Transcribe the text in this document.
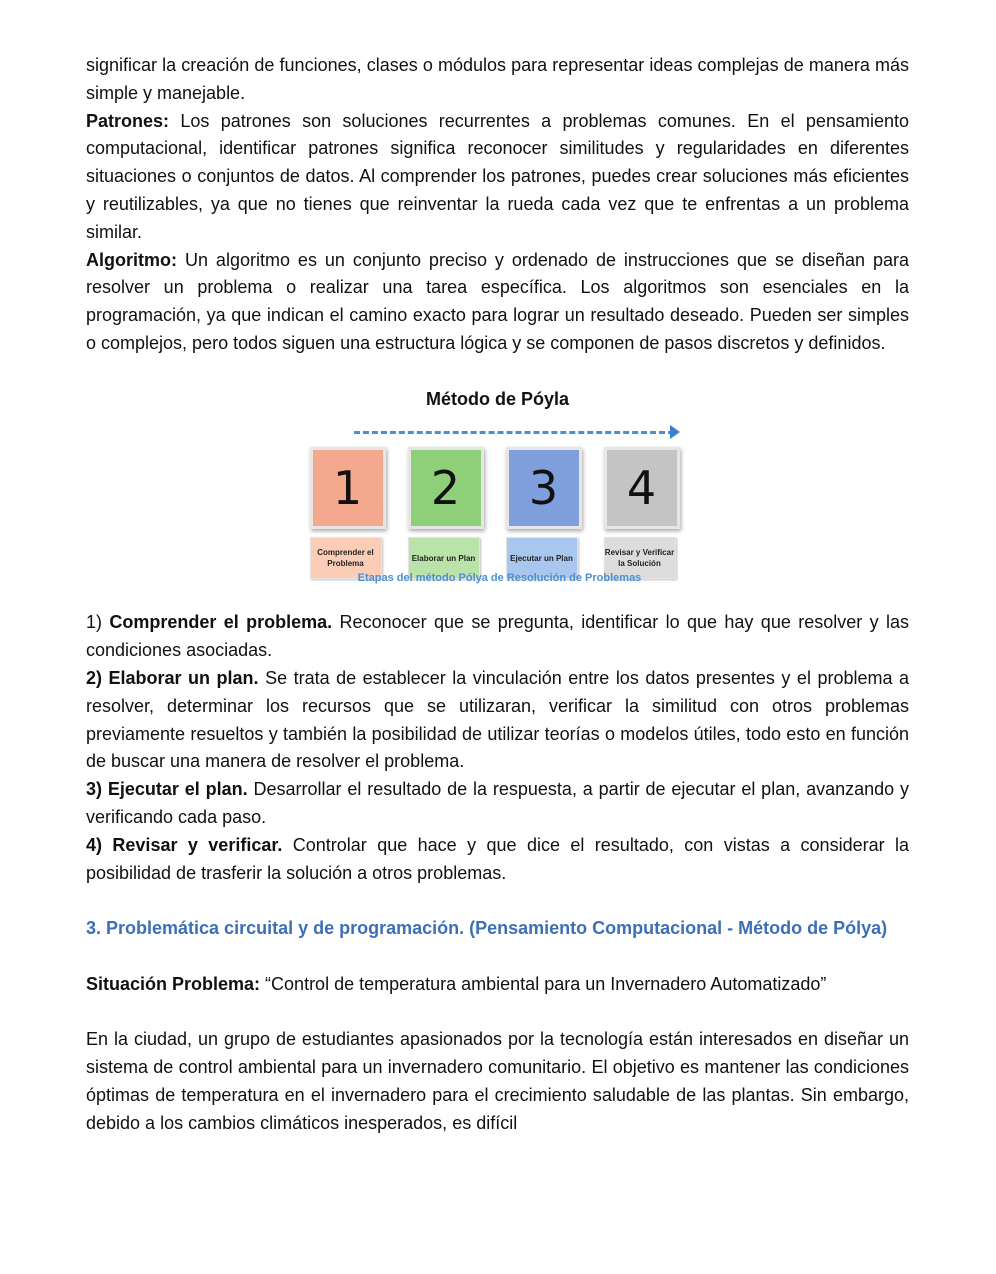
significar la creación de funciones, clases o módulos para representar ideas complejas de manera más simple y manejable.

Patrones: Los patrones son soluciones recurrentes a problemas comunes. En el pensamiento computacional, identificar patrones significa reconocer similitudes y regularidades en diferentes situaciones o conjuntos de datos. Al comprender los patrones, puedes crear soluciones más eficientes y reutilizables, ya que no tienes que reinventar la rueda cada vez que te enfrentas a un problema similar.

Algoritmo: Un algoritmo es un conjunto preciso y ordenado de instrucciones que se diseñan para resolver un problema o realizar una tarea específica. Los algoritmos son esenciales en la programación, ya que indican el camino exacto para lograr un resultado deseado. Pueden ser simples o complejos, pero todos siguen una estructura lógica y se componen de pasos discretos y definidos.

Método de Póyla

1
Comprender el Problema
2
Elaborar un Plan
3
Ejecutar un Plan
4
Revisar y Verificar la Solución
Etapas del método Pólya de Resolución de Problemas

1) Comprender el problema. Reconocer que se pregunta, identificar lo que hay que resolver y las condiciones asociadas.

2) Elaborar un plan. Se trata de establecer la vinculación entre los datos presentes y el problema a resolver, determinar los recursos que se utilizaran, verificar la similitud con otros problemas previamente resueltos y también la posibilidad de utilizar teorías o modelos útiles, todo esto en función de buscar una manera de resolver el problema.

3) Ejecutar el plan. Desarrollar el resultado de la respuesta, a partir de ejecutar el plan, avanzando y verificando cada paso.

4) Revisar y verificar. Controlar que hace y que dice el resultado, con vistas a considerar la posibilidad de trasferir la solución a otros problemas.

3. Problemática circuital y de programación. (Pensamiento Computacional - Método de Pólya)

Situación Problema: “Control de temperatura ambiental para un Invernadero Automatizado”

En la ciudad, un grupo de estudiantes apasionados por la tecnología están interesados en diseñar un sistema de control ambiental para un invernadero comunitario. El objetivo es mantener las condiciones óptimas de temperatura en el invernadero para el crecimiento saludable de las plantas. Sin embargo, debido a los cambios climáticos inesperados, es difícil
